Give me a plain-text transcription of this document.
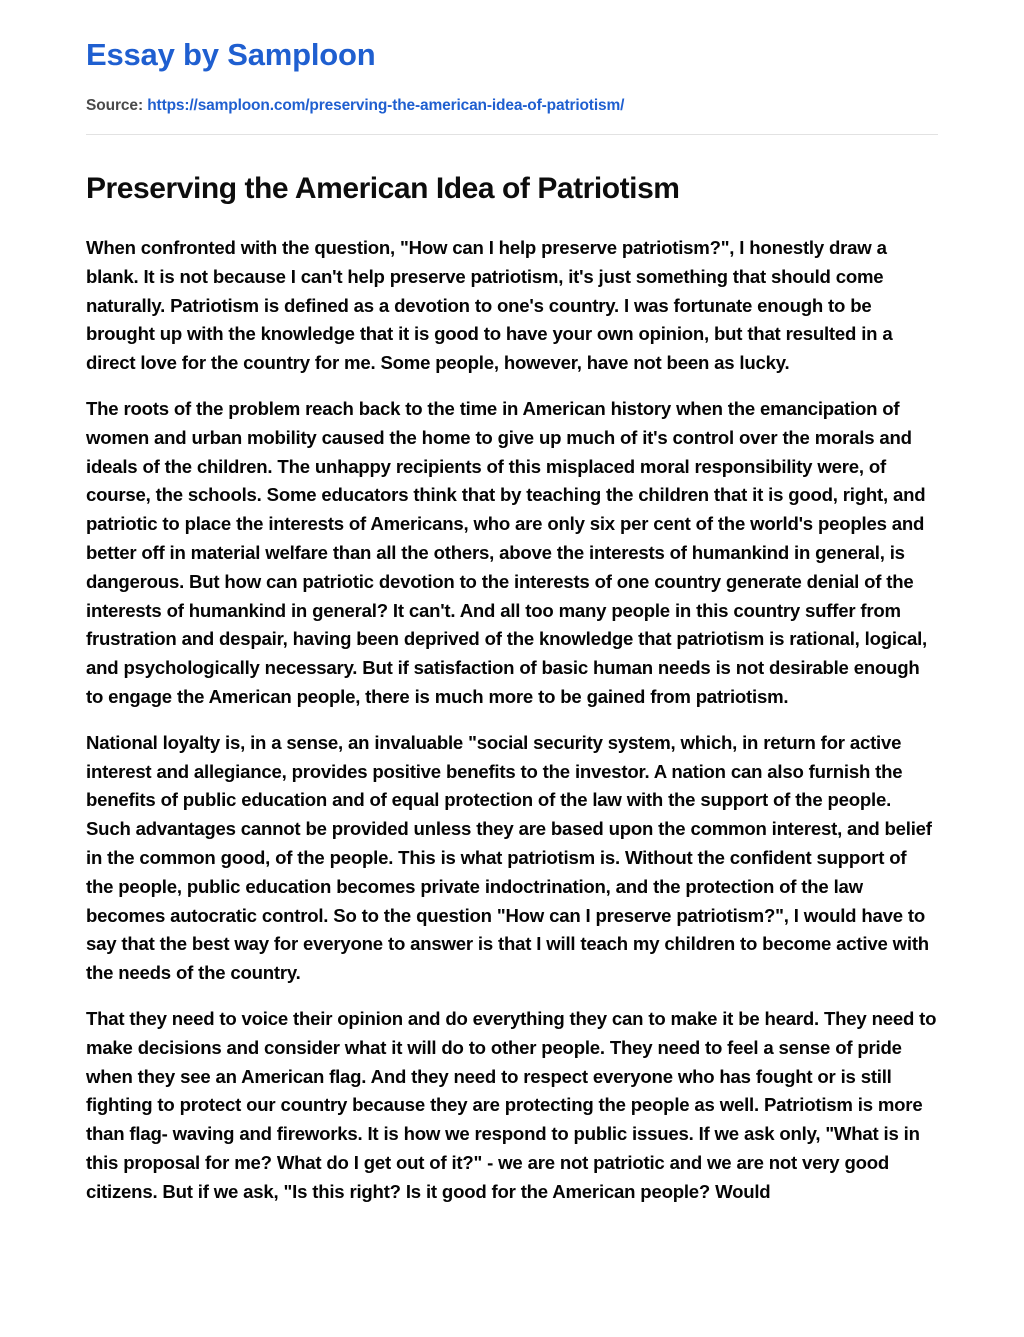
Essay by Samploon
Source: https://samploon.com/preserving-the-american-idea-of-patriotism/
Preserving the American Idea of Patriotism

When confronted with the question, "How can I help preserve patriotism?", I honestly draw a blank. It is not because I can't help preserve patriotism, it's just something that should come naturally. Patriotism is defined as a devotion to one's country. I was fortunate enough to be brought up with the knowledge that it is good to have your own opinion, but that resulted in a direct love for the country for me. Some people, however, have not been as lucky.

The roots of the problem reach back to the time in American history when the emancipation of women and urban mobility caused the home to give up much of it's control over the morals and ideals of the children. The unhappy recipients of this misplaced moral responsibility were, of course, the schools. Some educators think that by teaching the children that it is good, right, and patriotic to place the interests of Americans, who are only six per cent of the world's peoples and better off in material welfare than all the others, above the interests of humankind in general, is dangerous. But how can patriotic devotion to the interests of one country generate denial of the interests of humankind in general? It can't. And all too many people in this country suffer from frustration and despair, having been deprived of the knowledge that patriotism is rational, logical, and psychologically necessary. But if satisfaction of basic human needs is not desirable enough to engage the American people, there is much more to be gained from patriotism.

National loyalty is, in a sense, an invaluable "social security system, which, in return for active interest and allegiance, provides positive benefits to the investor. A nation can also furnish the benefits of public education and of equal protection of the law with the support of the people. Such advantages cannot be provided unless they are based upon the common interest, and belief in the common good, of the people. This is what patriotism is. Without the confident support of the people, public education becomes private indoctrination, and the protection of the law becomes autocratic control. So to the question "How can I preserve patriotism?", I would have to say that the best way for everyone to answer is that I will teach my children to become active with the needs of the country.

That they need to voice their opinion and do everything they can to make it be heard. They need to make decisions and consider what it will do to other people. They need to feel a sense of pride when they see an American flag. And they need to respect everyone who has fought or is still fighting to protect our country because they are protecting the people as well. Patriotism is more than flag- waving and fireworks. It is how we respond to public issues. If we ask only, "What is in this proposal for me? What do I get out of it?" - we are not patriotic and we are not very good citizens. But if we ask, "Is this right? Is it good for the American people? Would
